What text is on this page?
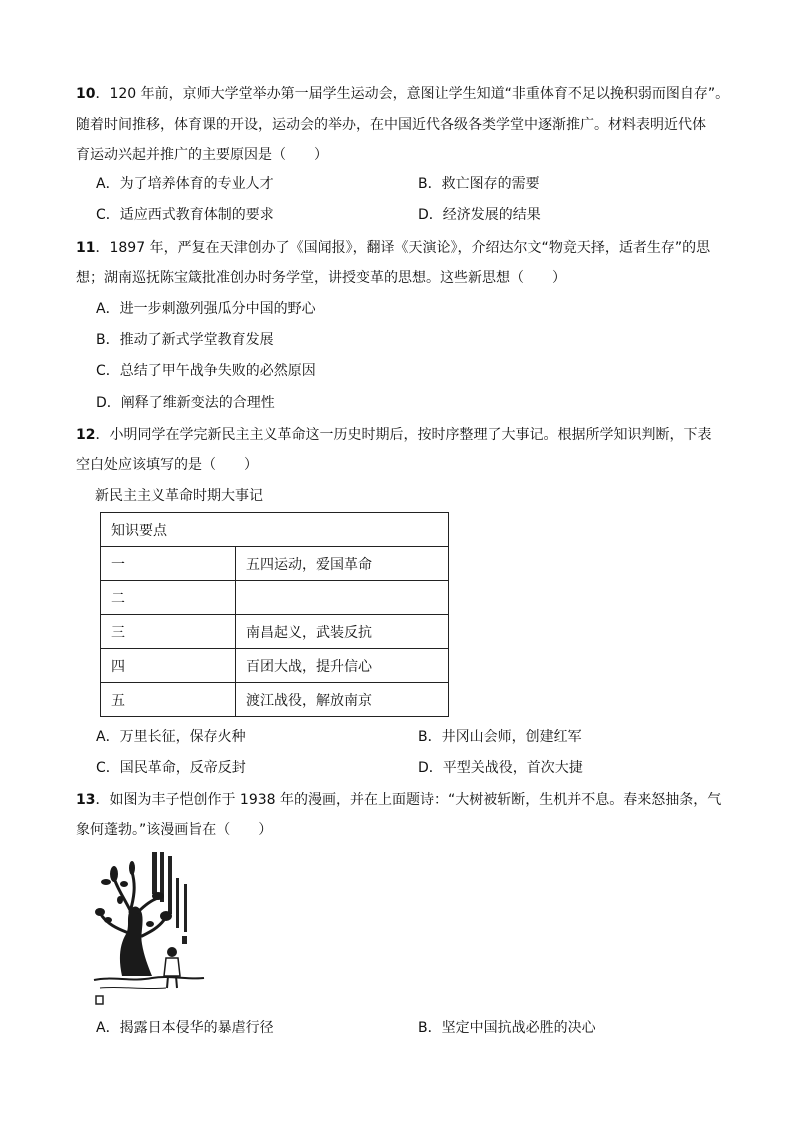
10．120 年前，京师大学堂举办第一届学生运动会，意图让学生知道“非重体育不足以挽积弱而图自存”。
随着时间推移，体育课的开设，运动会的举办，在中国近代各级各类学堂中逐渐推广。材料表明近代体
育运动兴起并推广的主要原因是（　　）
A．为了培养体育的专业人才	B．救亡图存的需要
C．适应西式教育体制的要求	D．经济发展的结果
11．1897 年，严复在天津创办了《国闻报》，翻译《天演论》，介绍达尔文“物竞天择，适者生存”的思
想；湖南巡抚陈宝箴批准创办时务学堂，讲授变革的思想。这些新思想（　　）
A．进一步刺激列强瓜分中国的野心
B．推动了新式学堂教育发展
C．总结了甲午战争失败的必然原因
D．阐释了维新变法的合理性
12．小明同学在学完新民主主义革命这一历史时期后，按时序整理了大事记。根据所学知识判断，下表
空白处应该填写的是（　　）
新民主主义革命时期大事记
知识要点	
一	五四运动，爱国革命
二	
三	南昌起义，武装反抗
四	百团大战，提升信心
五	渡江战役，解放南京
A．万里长征，保存火种	B．井冈山会师，创建红军
C．国民革命，反帝反封	D．平型关战役，首次大捷
13．如图为丰子恺创作于 1938 年的漫画，并在上面题诗：“大树被斩断，生机并不息。春来怒抽条，气
象何蓬勃。”该漫画旨在（　　）
A．揭露日本侵华的暴虐行径	B．坚定中国抗战必胜的决心
